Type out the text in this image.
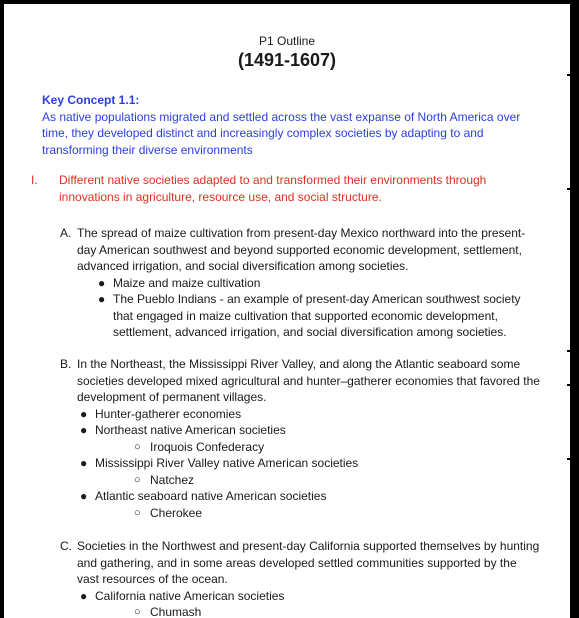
P1 Outline
(1491-1607)
Key Concept 1.1:
As native populations migrated and settled across the vast expanse of North America over time, they developed distinct and increasingly complex societies by adapting to and transforming their diverse environments
I. Different native societies adapted to and transformed their environments through innovations in agriculture, resource use, and social structure.
A. The spread of maize cultivation from present-day Mexico northward into the present-day American southwest and beyond supported economic development, settlement, advanced irrigation, and social diversification among societies.
● Maize and maize cultivation
● The Pueblo Indians - an example of present-day American southwest society that engaged in maize cultivation that supported economic development, settlement, advanced irrigation, and social diversification among societies.
B. In the Northeast, the Mississippi River Valley, and along the Atlantic seaboard some societies developed mixed agricultural and hunter–gatherer economies that favored the development of permanent villages.
● Hunter-gatherer economies
● Northeast native American societies
○ Iroquois Confederacy
● Mississippi River Valley native American societies
○ Natchez
● Atlantic seaboard native American societies
○ Cherokee
C. Societies in the Northwest and present-day California supported themselves by hunting and gathering, and in some areas developed settled communities supported by the vast resources of the ocean.
● California native American societies
○ Chumash
